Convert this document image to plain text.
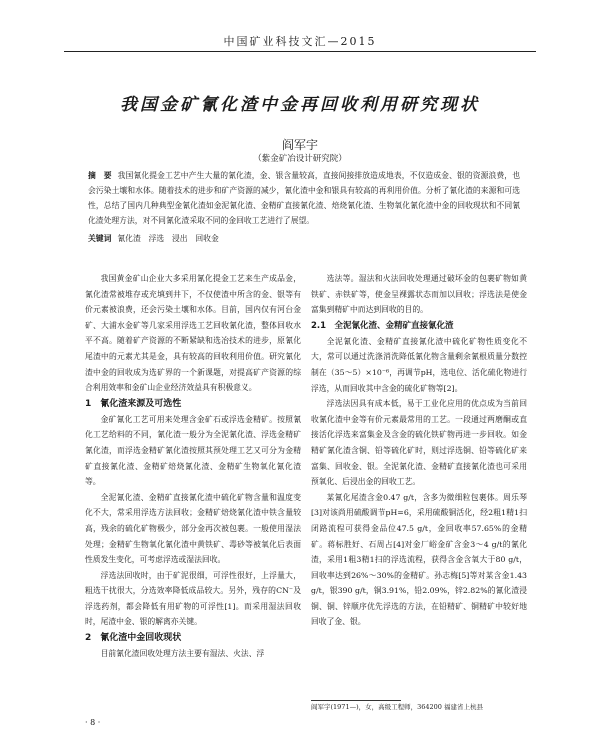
中国矿业科技文汇—2015
我国金矿氰化渣中金再回收利用研究现状
阎军宇
（紫金矿冶设计研究院）
摘　要 我国氰化提金工艺中产生大量的氰化渣，金、银含量较高，直接间接排放造成地表，不仅造成金、银的资源浪费，也会污染土壤和水体。随着技术的进步和矿产资源的减少，氰化渣中金和银具有较高的再利用价值。分析了氰化渣的来源和可选性，总结了国内几种典型金氰化渣如金泥氰化渣、金精矿直接氰化渣、焙烧氰化渣、生物氧化氰化渣中金的回收现状和不同氰化渣处理方法，对不同氰化渣采取不同的金回收工艺进行了展望。
关键词 氰化渣　浮选　浸出　回收金

我国黄金矿山企业大多采用氰化提金工艺来生产成品金，氰化渣常被堆存或充填到井下，不仅使渣中所含的金、银等有价元素被浪费，还会污染土壤和水体。目前，国内仅有河台金矿、大浦水金矿等几家采用浮选工艺回收氰化渣，整体回收水平不高。随着矿产资源的不断紧缺和选冶技术的进步，原氰化尾渣中的元素尤其是金，具有较高的回收利用价值。研究氰化渣中金的回收成为选矿界的一个新课题，对提高矿产资源的综合利用效率和金矿山企业经济效益具有积极意义。

1　氰化渣来源及可选性

金矿氰化工艺可用来处理含金矿石或浮选金精矿。按照氰化工艺给料的不同，氰化渣一般分为全泥氰化渣、浮选金精矿氰化渣，而浮选金精矿氰化渣按照其预处理工艺又可分为金精矿直接氰化渣、金精矿焙烧氰化渣、金精矿生物氧化氰化渣等。

全泥氰化渣、金精矿直接氰化渣中硫化矿物含量和温度变化不大，常采用浮选方法回收；金精矿焙烧氰化渣中铁含量较高，残余的硫化矿物极少，部分金再次被包裹。一般使用湿法处理；金精矿生物氧化氰化渣中黄铁矿、毒砂等被氧化后表面性质发生变化，可考虑浮选或湿法回收。

浮选法回收时，由于矿泥很细，可浮性很好，上浮量大，粗选干扰很大，分选效率降低成品较大。另外，残存的CN⁻及浮选药剂，都会降低有用矿物的可浮性[1]。而采用湿法回收时，尾渣中金、银的解离亦关键。

2　氰化渣中金回收现状

目前氰化渣回收处理方法主要有湿法、火法、浮

选法等。湿法和火法回收处理通过破坏金的包裹矿物如黄铁矿、赤铁矿等，使金呈裸露状态而加以回收；浮选法是使金富集到精矿中而达到回收的目的。

2.1　全泥氰化渣、金精矿直接氰化渣

全泥氰化渣、金精矿直接氰化渣中硫化矿物性质变化不大，常可以通过洗涤消洗降低氰化物含量剩余氰根质量分数控制在（35～5）×10⁻⁶，再调节pH，选电位、活化硫化物进行浮选，从而回收其中含金的硫化矿物等[2]。

浮选法因具有成本低，易于工业化应用的优点成为当前回收氰化渣中金等有价元素最常用的工艺。一段通过两磨酮或直接活化浮选来富集金及含金的硫化铁矿物再进一步回收。如金精矿氰化渣含铜、铅等硫化矿时，则过浮选铜、铅等硫化矿来富集、回收金、银。全泥氰化渣、金精矿直接氰化渣也可采用预氧化、后浸出金的回收工艺。

某氰化尾渣含金0.47 g/t，含多为微细粒包裹体。周乐琴[3]对该尚用硫酸调节pH=6，采用硫酸铜活化，经2粗1精1扫闭路流程可获得金品位47.5 g/t，金回收率57.65%的金精矿。蒋标胜好、石周占[4]对金厂峪金矿含金3～4 g/t的氰化渣，采用1粗3精1扫的浮选流程，获得含金含氧大于80 g/t，回收率达到26%～30%的金精矿。孙志梅[5]等对某含金1.43 g/t，银390 g/t，铜3.91%，铅2.09%，锌2.82%的氰化渣浸铜、铜、锌顺序优先浮选的方法，在铅精矿、铜精矿中较好地回收了金、银。

阎军宇(1971—)，女，高级工程师，364200 福建省上杭县
· 8 ·
